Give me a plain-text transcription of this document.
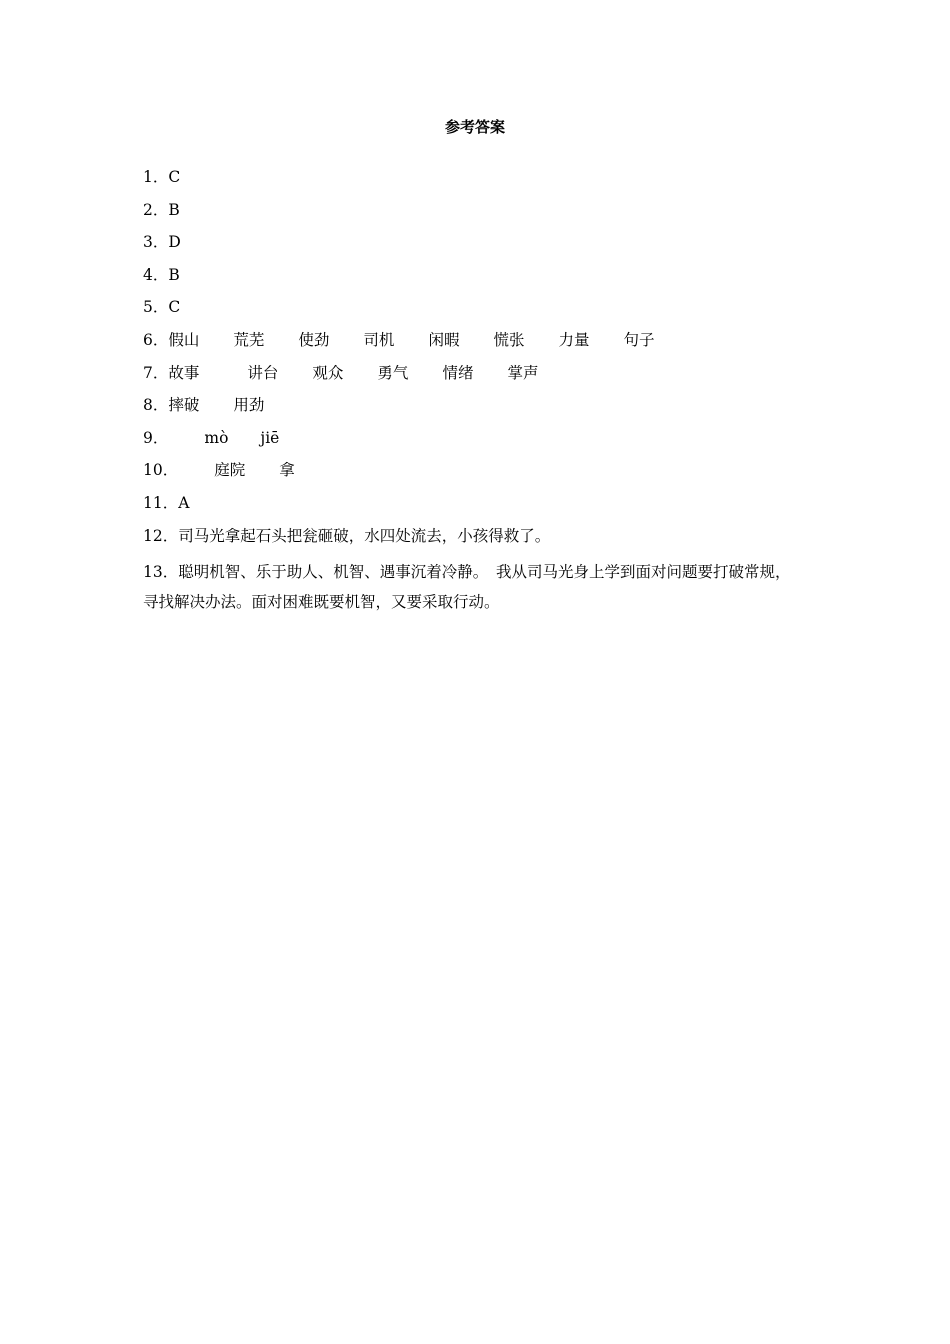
参考答案
1．C
2．B
3．D
4．B
5．C
6．假山 荒芜 使劲 司机 闲暇 慌张 力量 句子
7．故事	讲台 观众 勇气 情绪 掌声
8．摔破 用劲
9． mò jiē
10． 庭院 拿
11．A
12．司马光拿起石头把瓮砸破，水四处流去，小孩得救了。
13．聪明机智、乐于助人、机智、遇事沉着冷静。　我从司马光身上学到面对问题要打破常规，寻找解决办法。面对困难既要机智，又要采取行动。
